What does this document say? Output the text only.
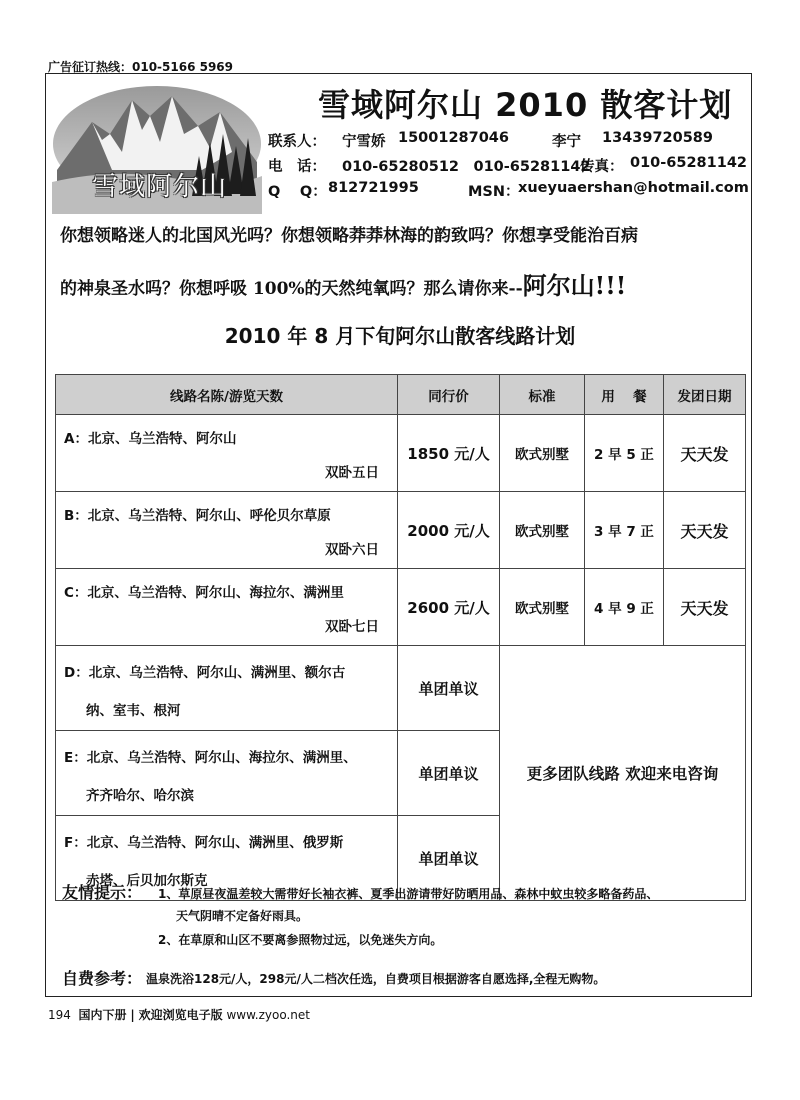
广告征订热线：010-5166 5969
雪域阿尔山
雪域阿尔山 2010 散客计划
联系人： 宁雪娇 15001287046	李宁 13439720589
电　话： 010-65280512　010-65281142
传真： 010-65281142
Q　 Q： 812721995	MSN：
xueyuaershan@hotmail.com
你想领略迷人的北国风光吗？你想领略莽莽林海的韵致吗？你想享受能治百病
的神泉圣水吗？你想呼吸 100%的天然纯氧吗？那么请你来--阿尔山!!!
2010 年 8 月下旬阿尔山散客线路计划
线路名陈/游览天数	同行价	标准	用　 餐	发团日期

A：北京、乌兰浩特、阿尔山
双卧五日	1850 元/人	欧式别墅	2 早 5 正	天天发

B：北京、乌兰浩特、阿尔山、呼伦贝尔草原
双卧六日	2000 元/人	欧式别墅	3 早 7 正	天天发

C：北京、乌兰浩特、阿尔山、海拉尔、满洲里
双卧七日	2600 元/人	欧式别墅	4 早 9 正	天天发

D：北京、乌兰浩特、阿尔山、满洲里、额尔古
纳、室韦、根河	单团单议	更多团队线路 欢迎来电咨询		

E：北京、乌兰浩特、阿尔山、海拉尔、满洲里、
齐齐哈尔、哈尔滨	单团单议			

F：北京、乌兰浩特、阿尔山、满洲里、俄罗斯
赤塔、后贝加尔斯克	单团单议			
友情提示： 1、草原昼夜温差较大需带好长袖衣裤、夏季出游请带好防晒用品、森林中蚊虫较多略备药品、
天气阴晴不定备好雨具。
2、在草原和山区不要离参照物过远，以免迷失方向。
自费参考： 温泉洗浴128元/人，298元/人二档次任选，自费项目根据游客自愿选择,全程无购物。
194 国内下册 | 欢迎浏览电子版 www.zyoo.net
